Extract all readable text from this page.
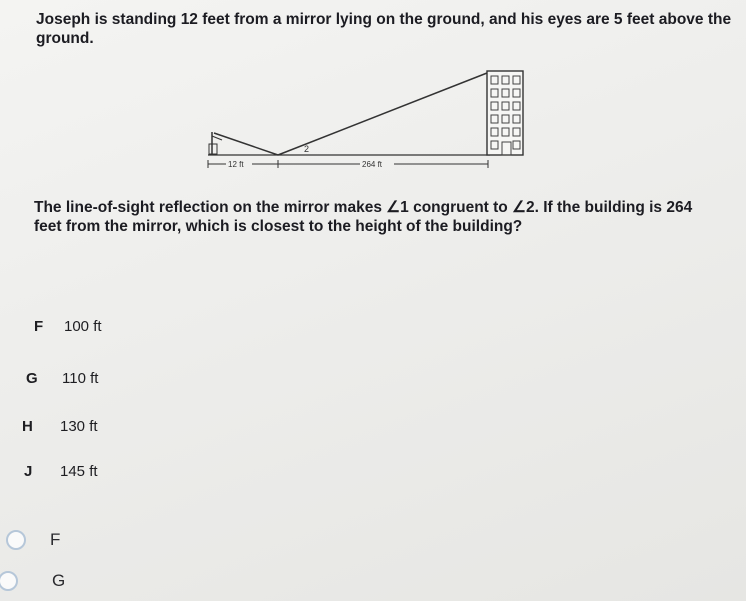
Joseph is standing 12 feet from a mirror lying on the ground, and his eyes are 5 feet above the ground.

2
12 ft	264 ft

The line-of-sight reflection on the mirror makes ∠1 congruent to ∠2. If the building is 264 feet from the mirror, which is closest to the height of the building?

F	100 ft
G	110 ft
H	130 ft
J	145 ft
F
G
